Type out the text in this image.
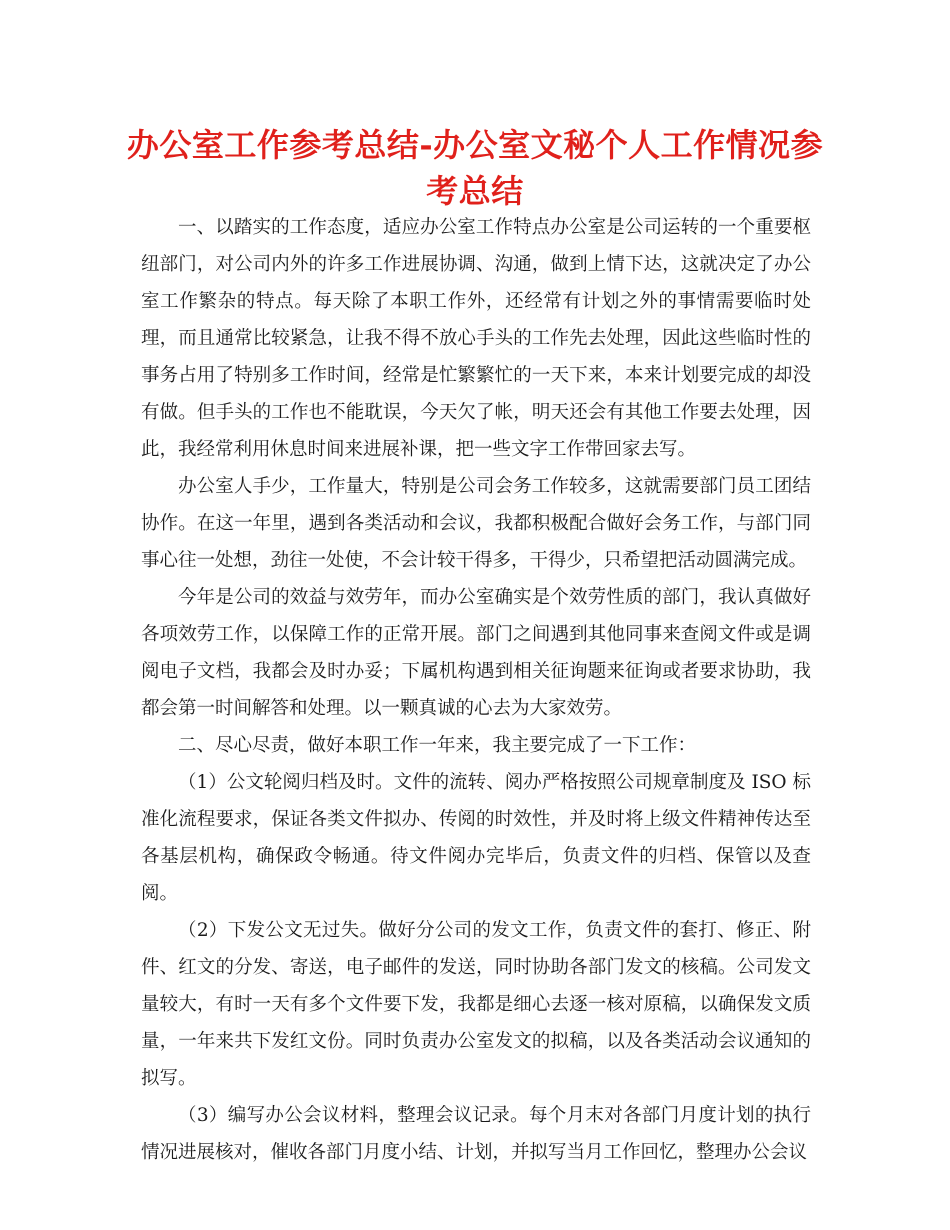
办公室工作参考总结-办公室文秘个人工作情况参考总结

一、以踏实的工作态度，适应办公室工作特点办公室是公司运转的一个重要枢纽部门，对公司内外的许多工作进展协调、沟通，做到上情下达，这就决定了办公室工作繁杂的特点。每天除了本职工作外，还经常有计划之外的事情需要临时处理，而且通常比较紧急，让我不得不放心手头的工作先去处理，因此这些临时性的事务占用了特别多工作时间，经常是忙繁繁忙的一天下来，本来计划要完成的却没有做。但手头的工作也不能耽误，今天欠了帐，明天还会有其他工作要去处理，因此，我经常利用休息时间来进展补课，把一些文字工作带回家去写。

办公室人手少，工作量大，特别是公司会务工作较多，这就需要部门员工团结协作。在这一年里，遇到各类活动和会议，我都积极配合做好会务工作，与部门同事心往一处想，劲往一处使，不会计较干得多，干得少，只希望把活动圆满完成。

今年是公司的效益与效劳年，而办公室确实是个效劳性质的部门，我认真做好各项效劳工作，以保障工作的正常开展。部门之间遇到其他同事来查阅文件或是调阅电子文档，我都会及时办妥；下属机构遇到相关征询题来征询或者要求协助，我都会第一时间解答和处理。以一颗真诚的心去为大家效劳。

二、尽心尽责，做好本职工作一年来，我主要完成了一下工作：

（1）公文轮阅归档及时。文件的流转、阅办严格按照公司规章制度及 ISO 标准化流程要求，保证各类文件拟办、传阅的时效性，并及时将上级文件精神传达至各基层机构，确保政令畅通。待文件阅办完毕后，负责文件的归档、保管以及查阅。

（2）下发公文无过失。做好分公司的发文工作，负责文件的套打、修正、附件、红文的分发、寄送，电子邮件的发送，同时协助各部门发文的核稿。公司发文量较大，有时一天有多个文件要下发，我都是细心去逐一核对原稿，以确保发文质量，一年来共下发红文份。同时负责办公室发文的拟稿，以及各类活动会议通知的拟写。

（3）编写办公会议材料，整理会议记录。每个月末对各部门月度计划的执行情况进展核对，催收各部门月度小结、计划，并拟写当月工作回忆，整理办公会议
